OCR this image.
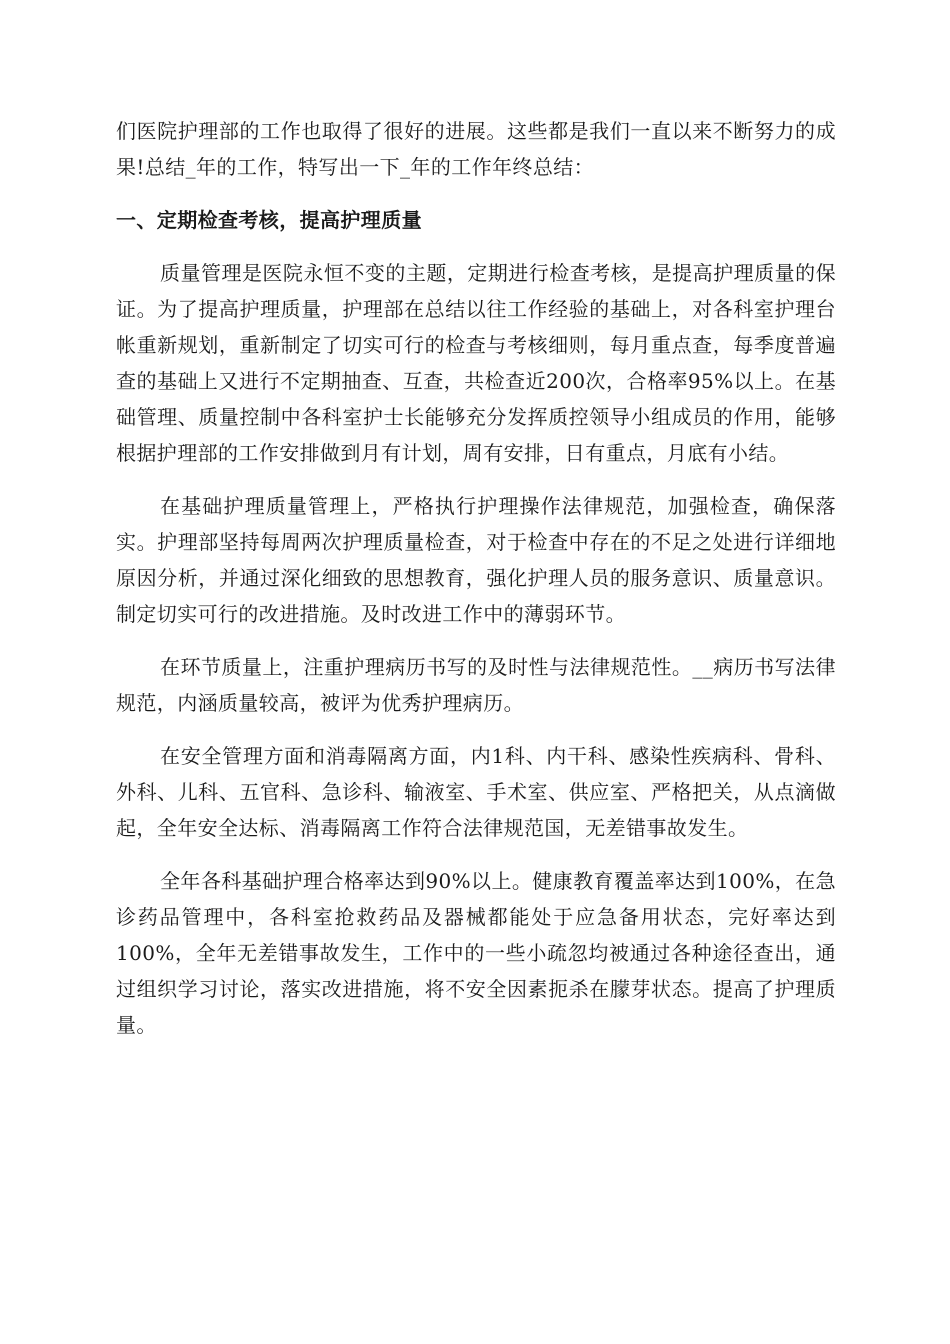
们医院护理部的工作也取得了很好的进展。这些都是我们一直以来不断努力的成果!总结_年的工作，特写出一下_年的工作年终总结：

一、定期检查考核，提高护理质量

质量管理是医院永恒不变的主题，定期进行检查考核，是提高护理质量的保证。为了提高护理质量，护理部在总结以往工作经验的基础上，对各科室护理台帐重新规划，重新制定了切实可行的检查与考核细则，每月重点查，每季度普遍查的基础上又进行不定期抽查、互查，共检查近200次，合格率95%以上。在基础管理、质量控制中各科室护士长能够充分发挥质控领导小组成员的作用，能够根据护理部的工作安排做到月有计划，周有安排，日有重点，月底有小结。

在基础护理质量管理上，严格执行护理操作法律规范，加强检查，确保落实。护理部坚持每周两次护理质量检查，对于检查中存在的不足之处进行详细地原因分析，并通过深化细致的思想教育，强化护理人员的服务意识、质量意识。制定切实可行的改进措施。及时改进工作中的薄弱环节。

在环节质量上，注重护理病历书写的及时性与法律规范性。__病历书写法律规范，内涵质量较高，被评为优秀护理病历。

在安全管理方面和消毒隔离方面，内1科、内干科、感染性疾病科、骨科、外科、儿科、五官科、急诊科、输液室、手术室、供应室、严格把关，从点滴做起，全年安全达标、消毒隔离工作符合法律规范国，无差错事故发生。

全年各科基础护理合格率达到90%以上。健康教育覆盖率达到100%，在急诊药品管理中，各科室抢救药品及器械都能处于应急备用状态，完好率达到100%，全年无差错事故发生，工作中的一些小疏忽均被通过各种途径查出，通过组织学习讨论，落实改进措施，将不安全因素扼杀在朦芽状态。提高了护理质量。
